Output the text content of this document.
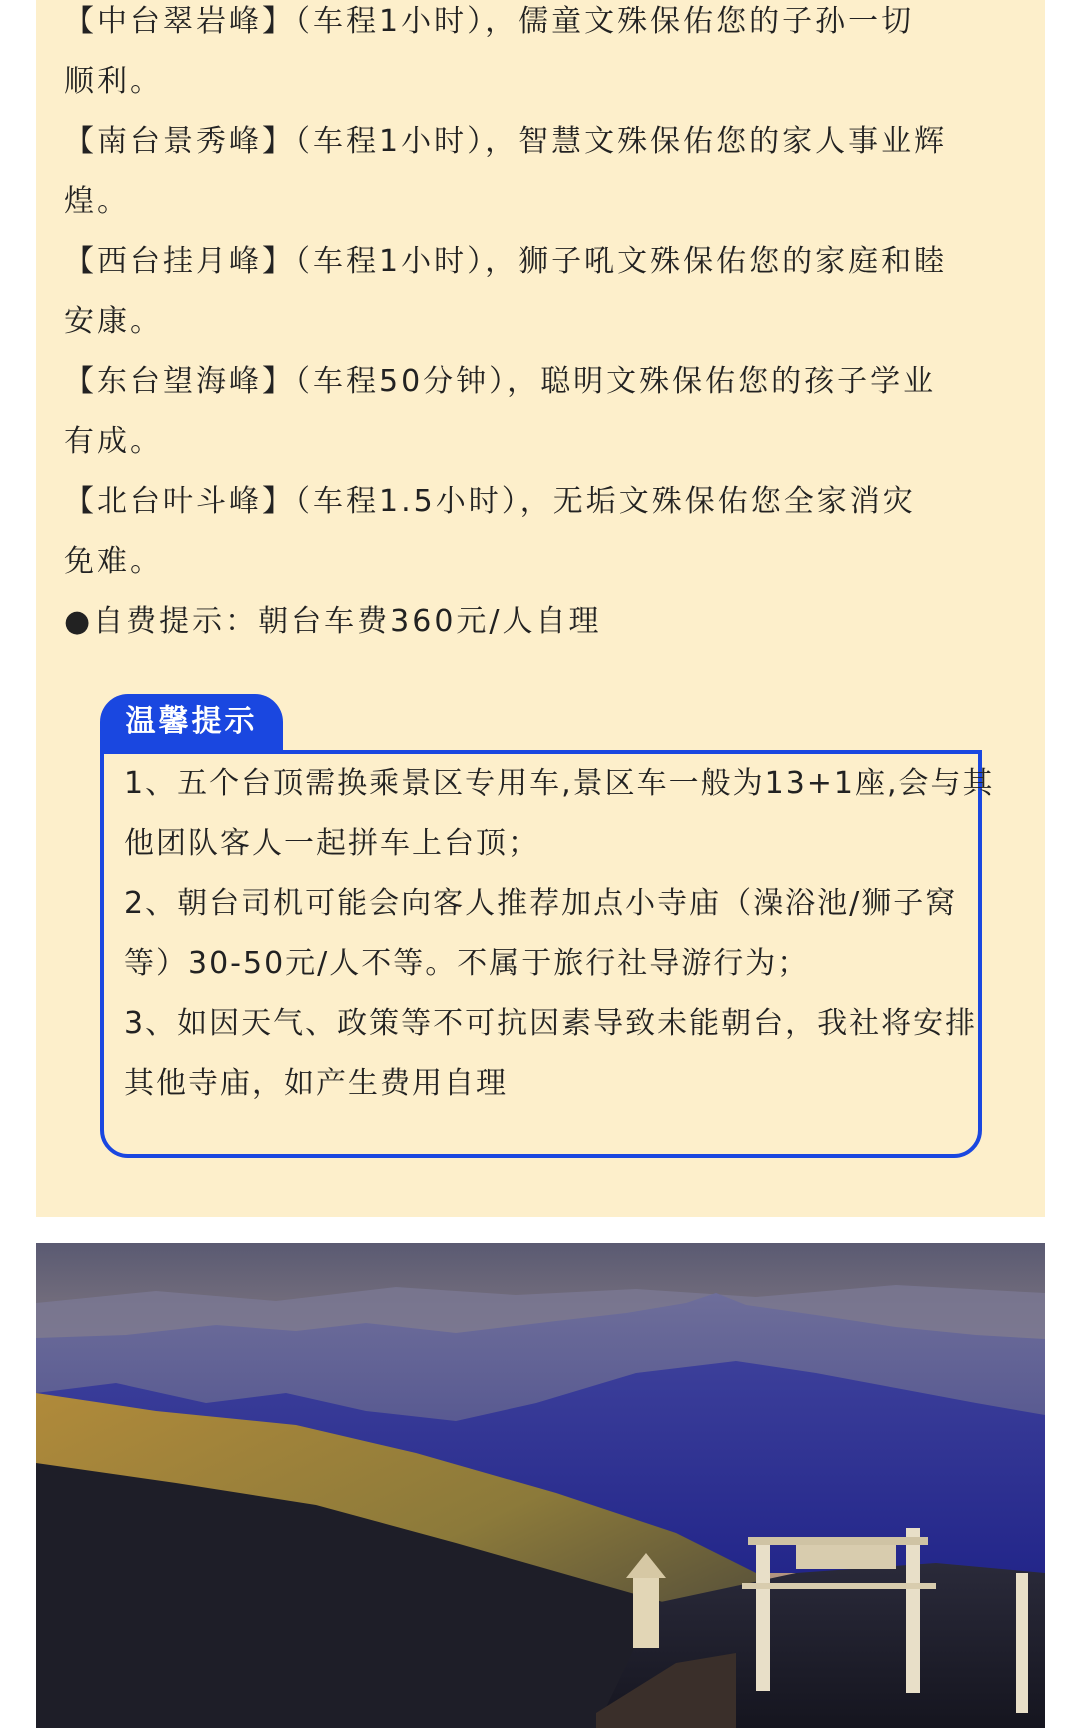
【中台翠岩峰】（车程1小时），儒童文殊保佑您的子孙一切
顺利。
【南台景秀峰】（车程1小时），智慧文殊保佑您的家人事业辉
煌。
【西台挂月峰】（车程1小时），狮子吼文殊保佑您的家庭和睦
安康。
【东台望海峰】（车程50分钟），聪明文殊保佑您的孩子学业
有成。
【北台叶斗峰】（车程1.5小时），无垢文殊保佑您全家消灾
免难。
●自费提示：朝台车费360元/人自理
温馨提示
1、五个台顶需换乘景区专用车,景区车一般为13+1座,会与其
他团队客人一起拼车上台顶；
2、朝台司机可能会向客人推荐加点小寺庙（澡浴池/狮子窝
等）30-50元/人不等。不属于旅行社导游行为；
3、如因天气、政策等不可抗因素导致未能朝台，我社将安排
其他寺庙，如产生费用自理
